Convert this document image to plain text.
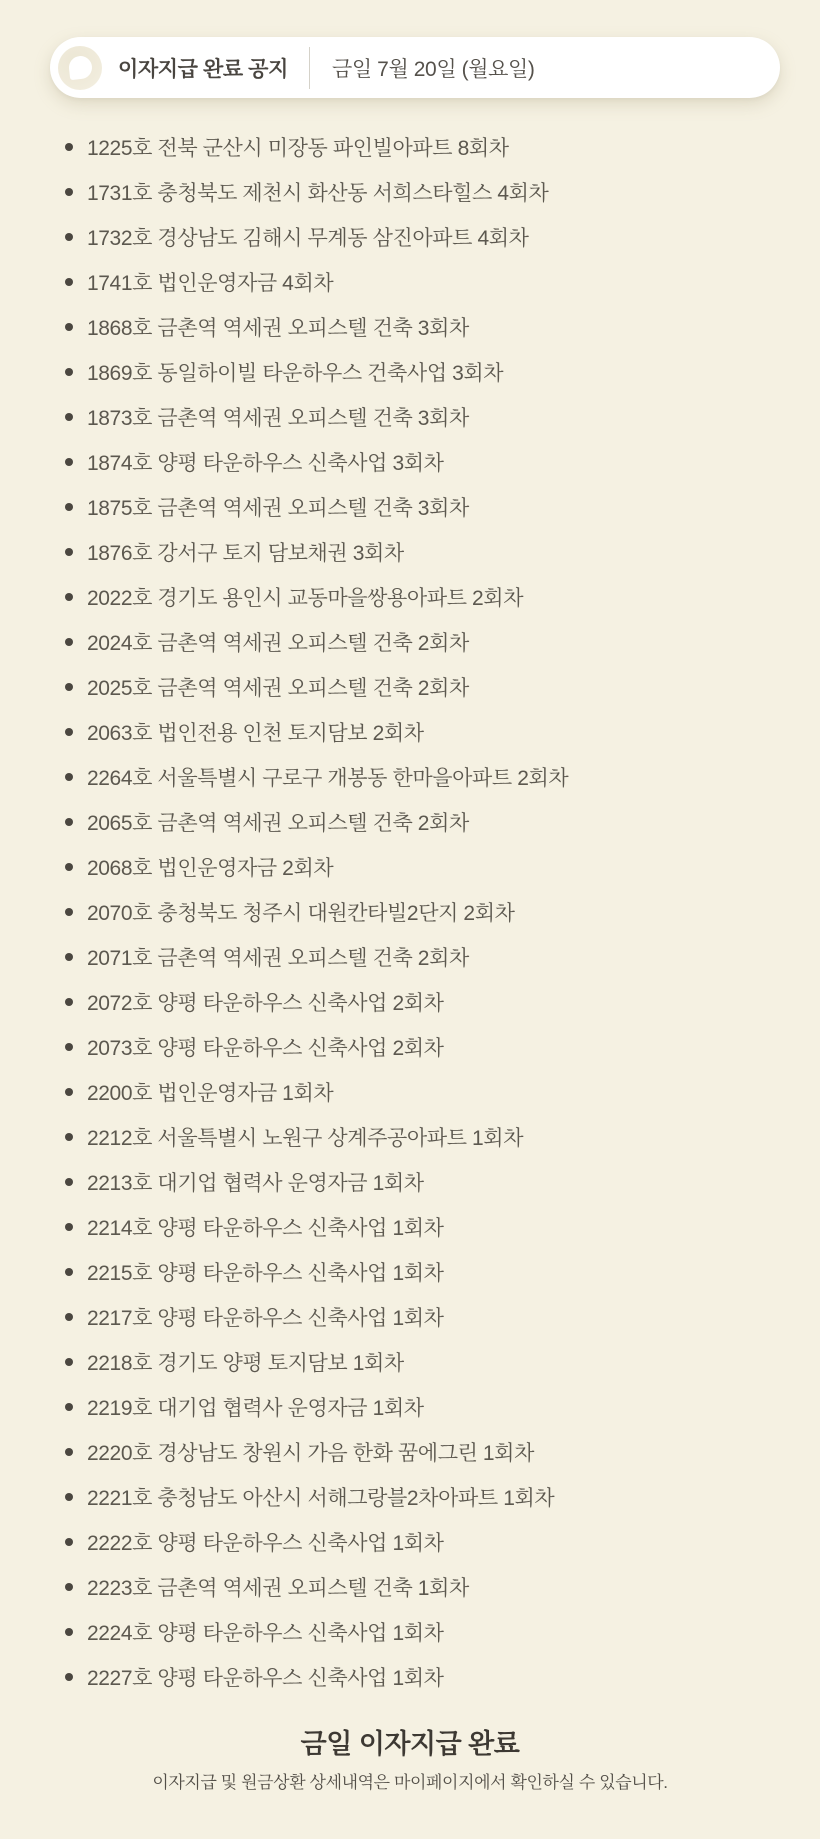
이자지급 완료 공지 금일 7월 20일 (월요일)
1225호 전북 군산시 미장동 파인빌아파트 8회차
1731호 충청북도 제천시 화산동 서희스타힐스 4회차
1732호 경상남도 김해시 무계동 삼진아파트 4회차
1741호 법인운영자금 4회차
1868호 금촌역 역세권 오피스텔 건축 3회차
1869호 동일하이빌 타운하우스 건축사업 3회차
1873호 금촌역 역세권 오피스텔 건축 3회차
1874호 양평 타운하우스 신축사업 3회차
1875호 금촌역 역세권 오피스텔 건축 3회차
1876호 강서구 토지 담보채권 3회차
2022호 경기도 용인시 교동마을쌍용아파트 2회차
2024호 금촌역 역세권 오피스텔 건축 2회차
2025호 금촌역 역세권 오피스텔 건축 2회차
2063호 법인전용 인천 토지담보 2회차
2264호 서울특별시 구로구 개봉동 한마을아파트 2회차
2065호 금촌역 역세권 오피스텔 건축 2회차
2068호 법인운영자금 2회차
2070호 충청북도 청주시 대원칸타빌2단지 2회차
2071호 금촌역 역세권 오피스텔 건축 2회차
2072호 양평 타운하우스 신축사업 2회차
2073호 양평 타운하우스 신축사업 2회차
2200호 법인운영자금 1회차
2212호 서울특별시 노원구 상계주공아파트 1회차
2213호 대기업 협력사 운영자금 1회차
2214호 양평 타운하우스 신축사업 1회차
2215호 양평 타운하우스 신축사업 1회차
2217호 양평 타운하우스 신축사업 1회차
2218호 경기도 양평 토지담보 1회차
2219호 대기업 협력사 운영자금 1회차
2220호 경상남도 창원시 가음 한화 꿈에그린 1회차
2221호 충청남도 아산시 서해그랑블2차아파트 1회차
2222호 양평 타운하우스 신축사업 1회차
2223호 금촌역 역세권 오피스텔 건축 1회차
2224호 양평 타운하우스 신축사업 1회차
2227호 양평 타운하우스 신축사업 1회차
금일 이자지급 완료
이자지급 및 원금상환 상세내역은 마이페이지에서 확인하실 수 있습니다.
